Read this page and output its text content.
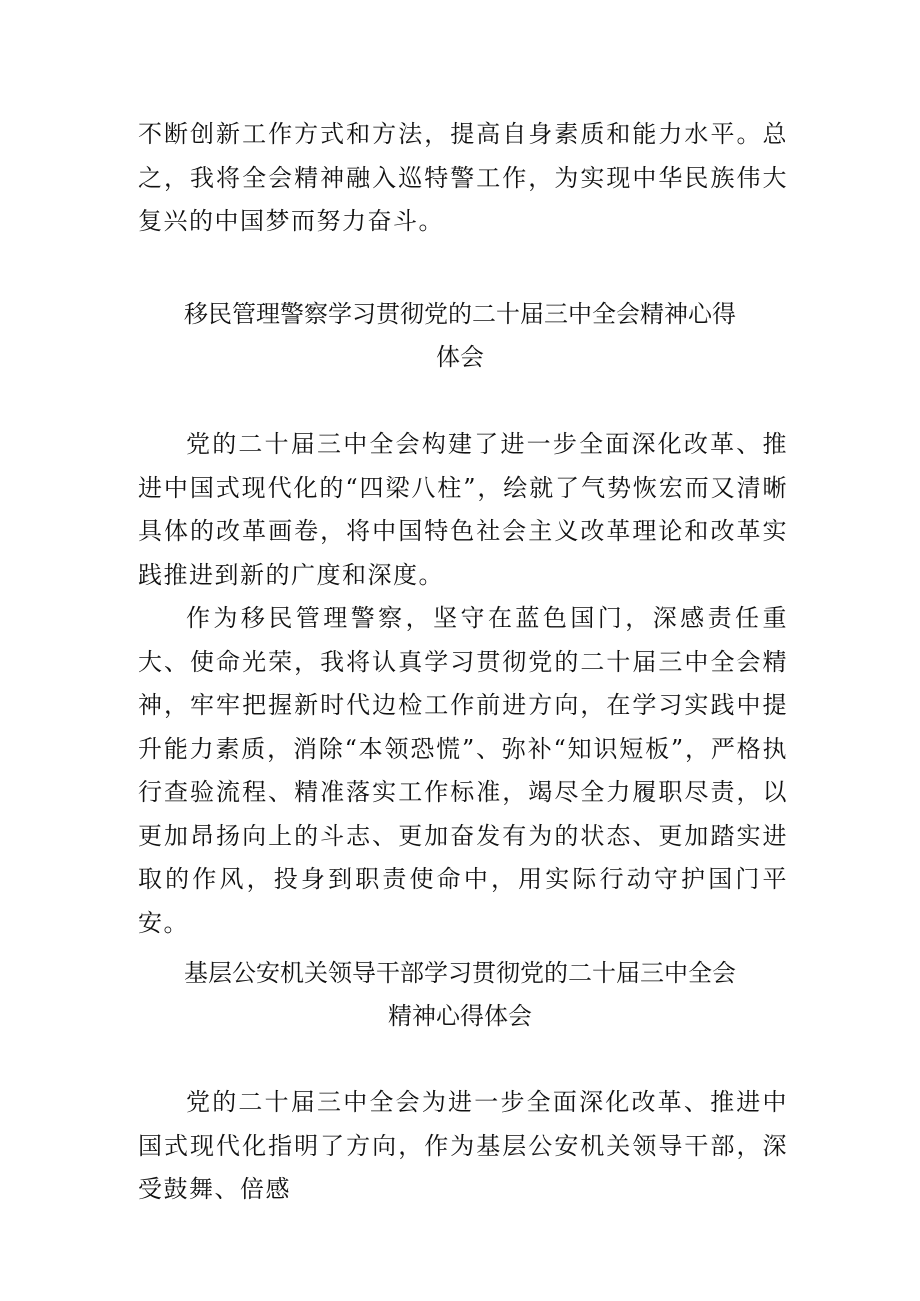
不断创新工作方式和方法，提高自身素质和能力水平。总之，我将全会精神融入巡特警工作，为实现中华民族伟大复兴的中国梦而努力奋斗。

移民管理警察学习贯彻党的二十届三中全会精神心得
体会

党的二十届三中全会构建了进一步全面深化改革、推进中国式现代化的“四梁八柱”，绘就了气势恢宏而又清晰具体的改革画卷，将中国特色社会主义改革理论和改革实践推进到新的广度和深度。

作为移民管理警察，坚守在蓝色国门，深感责任重大、使命光荣，我将认真学习贯彻党的二十届三中全会精神，牢牢把握新时代边检工作前进方向，在学习实践中提升能力素质，消除“本领恐慌”、弥补“知识短板”，严格执行查验流程、精准落实工作标准，竭尽全力履职尽责，以更加昂扬向上的斗志、更加奋发有为的状态、更加踏实进取的作风，投身到职责使命中，用实际行动守护国门平安。

基层公安机关领导干部学习贯彻党的二十届三中全会
精神心得体会

党的二十届三中全会为进一步全面深化改革、推进中国式现代化指明了方向，作为基层公安机关领导干部，深受鼓舞、倍感
